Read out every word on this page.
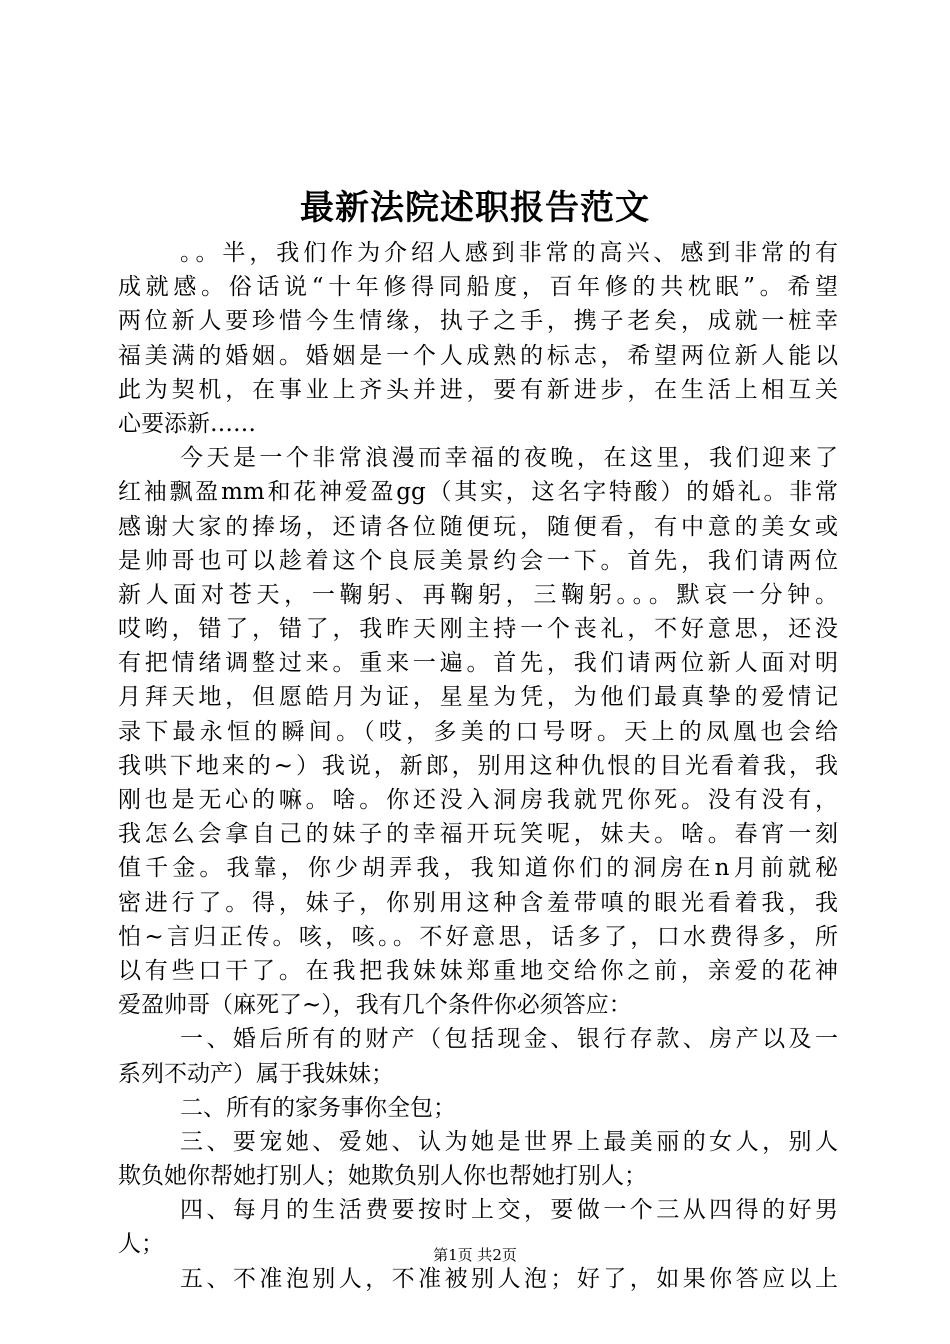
最新法院述职报告范文
。。半，我们作为介绍人感到非常的高兴、感到非常的有
成就感。俗话说“十年修得同船度，百年修的共枕眠”。希望
两位新人要珍惜今生情缘，执子之手，携子老矣，成就一桩幸
福美满的婚姻。婚姻是一个人成熟的标志，希望两位新人能以
此为契机，在事业上齐头并进，要有新进步，在生活上相互关
心要添新……
今天是一个非常浪漫而幸福的夜晚，在这里，我们迎来了
红袖飘盈mm和花神爱盈gg（其实，这名字特酸）的婚礼。非常
感谢大家的捧场，还请各位随便玩，随便看，有中意的美女或
是帅哥也可以趁着这个良辰美景约会一下。首先，我们请两位
新人面对苍天，一鞠躬、再鞠躬，三鞠躬。。。默哀一分钟。
哎哟，错了，错了，我昨天刚主持一个丧礼，不好意思，还没
有把情绪调整过来。重来一遍。首先，我们请两位新人面对明
月拜天地，但愿皓月为证，星星为凭，为他们最真挚的爱情记
录下最永恒的瞬间。（哎，多美的口号呀。天上的凤凰也会给
我哄下地来的~）我说，新郎，别用这种仇恨的目光看着我，我
刚也是无心的嘛。啥。你还没入洞房我就咒你死。没有没有，
我怎么会拿自己的妹子的幸福开玩笑呢，妹夫。啥。春宵一刻
值千金。我靠，你少胡弄我，我知道你们的洞房在n月前就秘
密进行了。得，妹子，你别用这种含羞带嗔的眼光看着我，我
怕~言归正传。咳，咳。。不好意思，话多了，口水费得多，所
以有些口干了。在我把我妹妹郑重地交给你之前，亲爱的花神
爱盈帅哥（麻死了~），我有几个条件你必须答应：
一、婚后所有的财产（包括现金、银行存款、房产以及一
系列不动产）属于我妹妹；
二、所有的家务事你全包；
三、要宠她、爱她、认为她是世界上最美丽的女人，别人
欺负她你帮她打别人；她欺负别人你也帮她打别人；
四、每月的生活费要按时上交，要做一个三从四得的好男
人；
五、不准泡别人，不准被别人泡；好了，如果你答应以上
第1页 共2页
